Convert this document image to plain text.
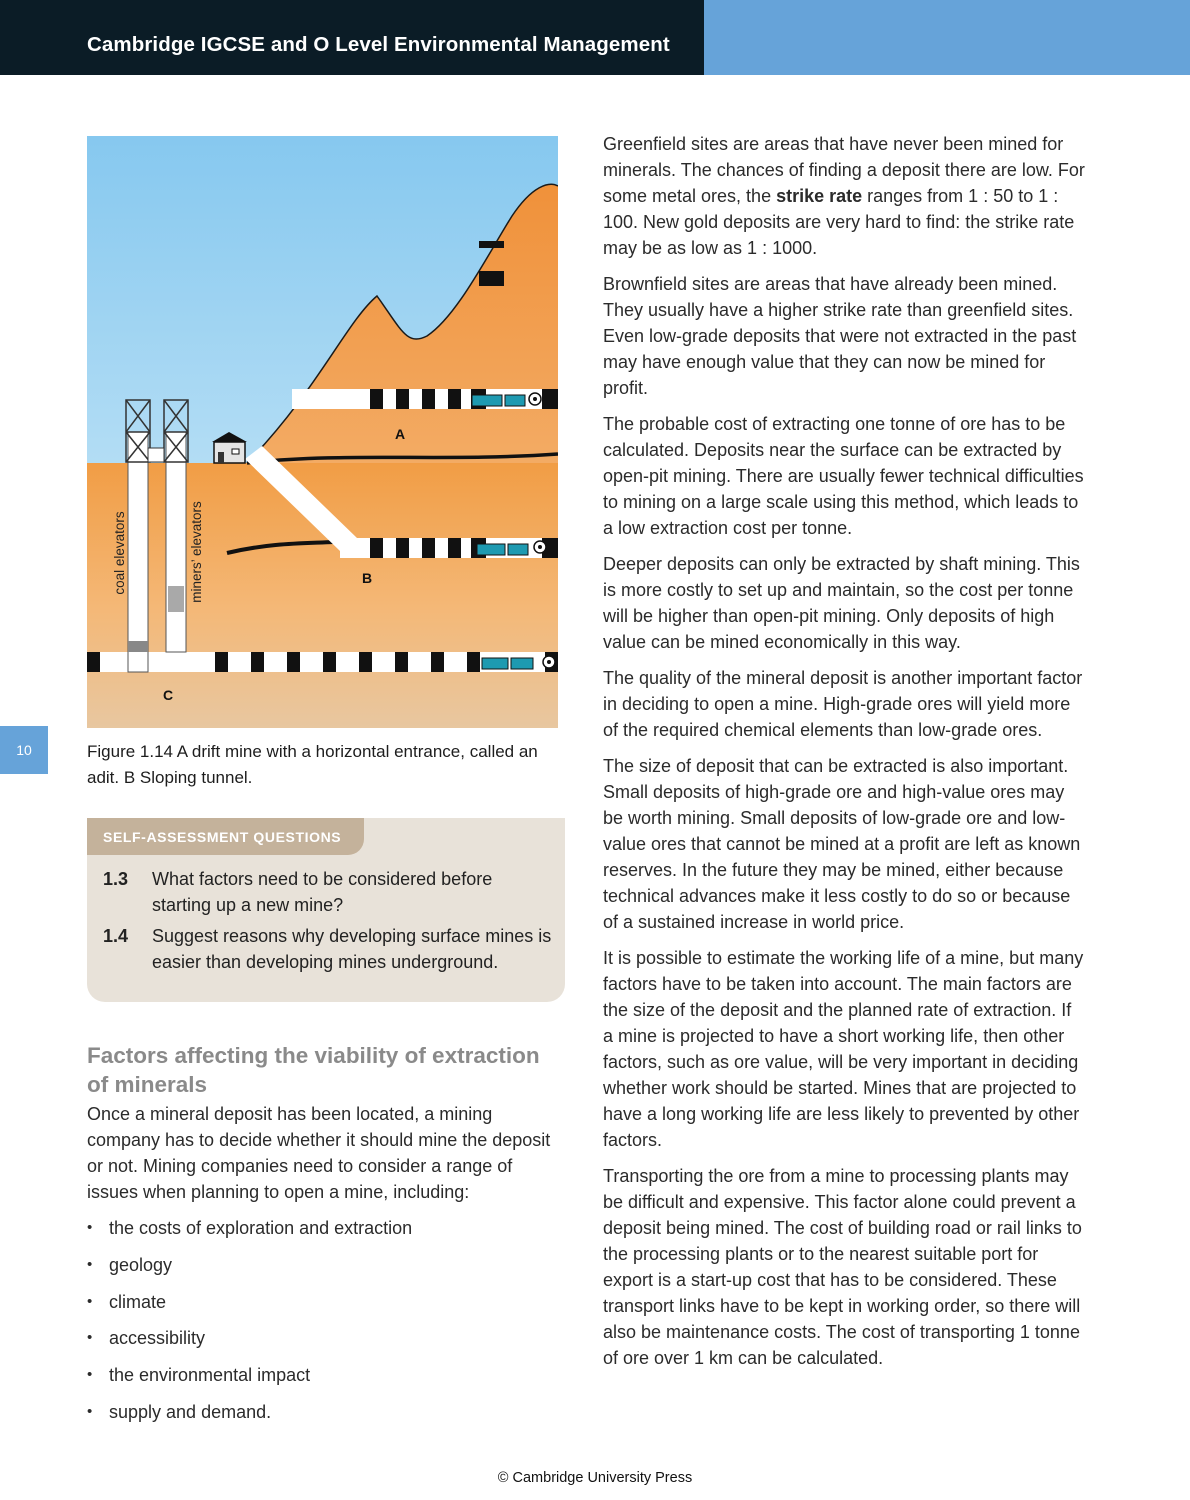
Cambridge IGCSE and O Level Environmental Management
10
A
B
C
coal elevators	miners’ elevators
Figure 1.14 A drift mine with a horizontal entrance, called an adit. B Sloping tunnel.
SELF-ASSESSMENT QUESTIONS
1.3 What factors need to be considered before starting up a new mine?
1.4 Suggest reasons why developing surface mines is easier than developing mines underground.
Factors affecting the viability of extraction of minerals
Once a mineral deposit has been located, a mining company has to decide whether it should mine the deposit or not. Mining companies need to consider a range of issues when planning to open a mine, including:
• the costs of exploration and extraction
• geology
• climate
• accessibility
• the environmental impact
• supply and demand.

Greenfield sites are areas that have never been mined for minerals. The chances of finding a deposit there are low. For some metal ores, the strike rate ranges from 1 : 50 to 1 : 100. New gold deposits are very hard to find: the strike rate may be as low as 1 : 1000.

Brownfield sites are areas that have already been mined. They usually have a higher strike rate than greenfield sites. Even low-grade deposits that were not extracted in the past may have enough value that they can now be mined for profit.

The probable cost of extracting one tonne of ore has to be calculated. Deposits near the surface can be extracted by open-pit mining. There are usually fewer technical difficulties to mining on a large scale using this method, which leads to a low extraction cost per tonne.

Deeper deposits can only be extracted by shaft mining. This is more costly to set up and maintain, so the cost per tonne will be higher than open-pit mining. Only deposits of high value can be mined economically in this way.

The quality of the mineral deposit is another important factor in deciding to open a mine. High-grade ores will yield more of the required chemical elements than low-grade ores.

The size of deposit that can be extracted is also important. Small deposits of high-grade ore and high-value ores may be worth mining. Small deposits of low-grade ore and low-value ores that cannot be mined at a profit are left as known reserves. In the future they may be mined, either because technical advances make it less costly to do so or because of a sustained increase in world price.

It is possible to estimate the working life of a mine, but many factors have to be taken into account. The main factors are the size of the deposit and the planned rate of extraction. If a mine is projected to have a short working life, then other factors, such as ore value, will be very important in deciding whether work should be started. Mines that are projected to have a long working life are less likely to prevented by other factors.

Transporting the ore from a mine to processing plants may be difficult and expensive. This factor alone could prevent a deposit being mined. The cost of building road or rail links to the processing plants or to the nearest suitable port for export is a start-up cost that has to be considered. These transport links have to be kept in working order, so there will also be maintenance costs. The cost of transporting 1 tonne of ore over 1 km can be calculated.

© Cambridge University Press
